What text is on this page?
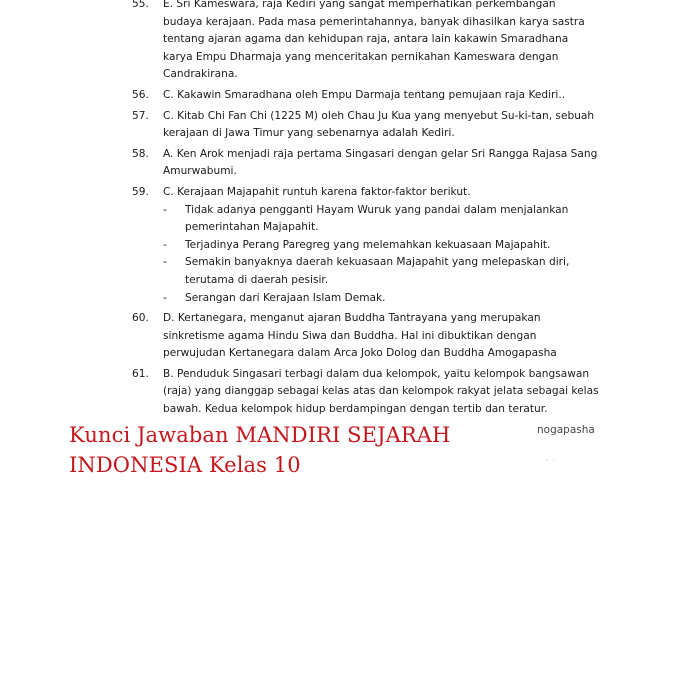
55.	E. Sri Kameswara, raja Kediri yang sangat memperhatikan perkembangan
budaya kerajaan. Pada masa pemerintahannya, banyak dihasilkan karya sastra
tentang ajaran agama dan kehidupan raja, antara lain kakawin Smaradhana
karya Empu Dharmaja yang menceritakan pernikahan Kameswara dengan
Candrakirana.
56.	C. Kakawin Smaradhana oleh Empu Darmaja tentang pemujaan raja Kediri..
57.	C. Kitab Chi Fan Chi (1225 M) oleh Chau Ju Kua yang menyebut Su-ki-tan, sebuah
kerajaan di Jawa Timur yang sebenarnya adalah Kediri.
58.	A. Ken Arok menjadi raja pertama Singasari dengan gelar Sri Rangga Rajasa Sang
Amurwabumi.
59.	C. Kerajaan Majapahit runtuh karena faktor-faktor berikut.
- Tidak adanya pengganti Hayam Wuruk yang pandai dalam menjalankan
pemerintahan Majapahit.
- Terjadinya Perang Paregreg yang melemahkan kekuasaan Majapahit.
- Semakin banyaknya daerah kekuasaan Majapahit yang melepaskan diri,
terutama di daerah pesisir.
- Serangan dari Kerajaan Islam Demak.
60.	D. Kertanegara, menganut ajaran Buddha Tantrayana yang merupakan
sinkretisme agama Hindu Siwa dan Buddha. Hal ini dibuktikan dengan
perwujudan Kertanegara dalam Arca Joko Dolog dan Buddha Amogapasha
61.	B. Penduduk Singasari terbagi dalam dua kelompok, yaitu kelompok bangsawan
(raja) yang dianggap sebagai kelas atas dan kelompok rakyat jelata sebagai kelas
bawah. Kedua kelompok hidup berdampingan dengan tertib dan teratur.
Kunci Jawaban MANDIRI SEJARAH
INDONESIA Kelas 10
nogapasha
´ ˙
